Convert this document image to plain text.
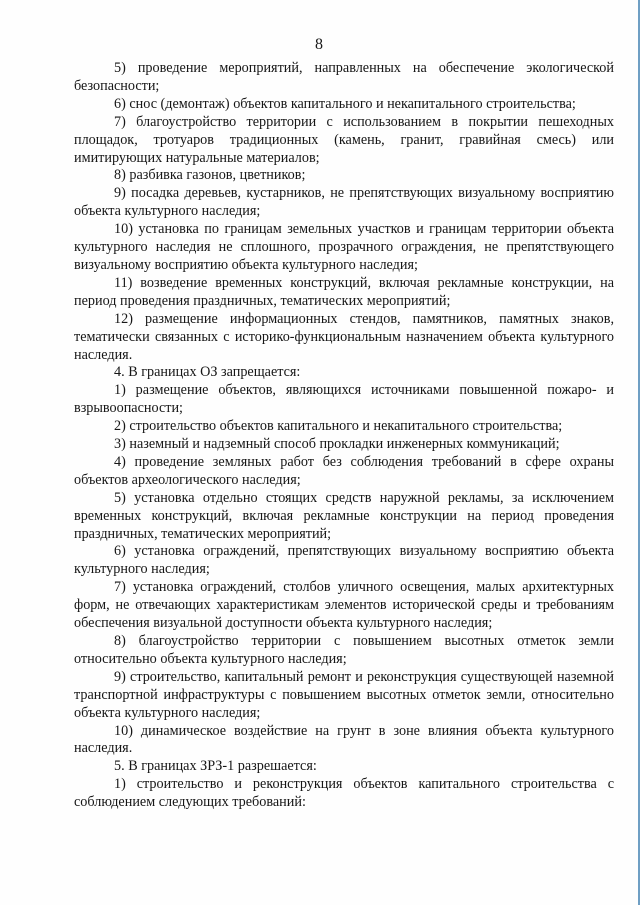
8

5) проведение мероприятий, направленных на обеспечение экологической безопасности;

6) снос (демонтаж) объектов капитального и некапитального строительства;

7) благоустройство территории с использованием в покрытии пешеходных площадок, тротуаров традиционных (камень, гранит, гравийная смесь) или имитирующих натуральные материалов;

8) разбивка газонов, цветников;

9) посадка деревьев, кустарников, не препятствующих визуальному восприятию объекта культурного наследия;

10) установка по границам земельных участков и границам территории объекта культурного наследия не сплошного, прозрачного ограждения, не препятствующего визуальному восприятию объекта культурного наследия;

11) возведение временных конструкций, включая рекламные конструкции, на период проведения праздничных, тематических мероприятий;

12) размещение информационных стендов, памятников, памятных знаков, тематически связанных с историко-функциональным назначением объекта культурного наследия.

4. В границах ОЗ запрещается:

1) размещение объектов, являющихся источниками повышенной пожаро- и взрывоопасности;

2) строительство объектов капитального и некапитального строительства;

3) наземный и надземный способ прокладки инженерных коммуникаций;

4) проведение земляных работ без соблюдения требований в сфере охраны объектов археологического наследия;

5) установка отдельно стоящих средств наружной рекламы, за исключением временных конструкций, включая рекламные конструкции на период проведения праздничных, тематических мероприятий;

6) установка ограждений, препятствующих визуальному восприятию объекта культурного наследия;

7) установка ограждений, столбов уличного освещения, малых архитектурных форм, не отвечающих характеристикам элементов исторической среды и требованиям обеспечения визуальной доступности объекта культурного наследия;

8) благоустройство территории с повышением высотных отметок земли относительно объекта культурного наследия;

9) строительство, капитальный ремонт и реконструкция существующей наземной транспортной инфраструктуры с повышением высотных отметок земли, относительно объекта культурного наследия;

10) динамическое воздействие на грунт в зоне влияния объекта культурного наследия.

5. В границах ЗРЗ-1 разрешается:

1) строительство и реконструкция объектов капитального строительства с соблюдением следующих требований:
